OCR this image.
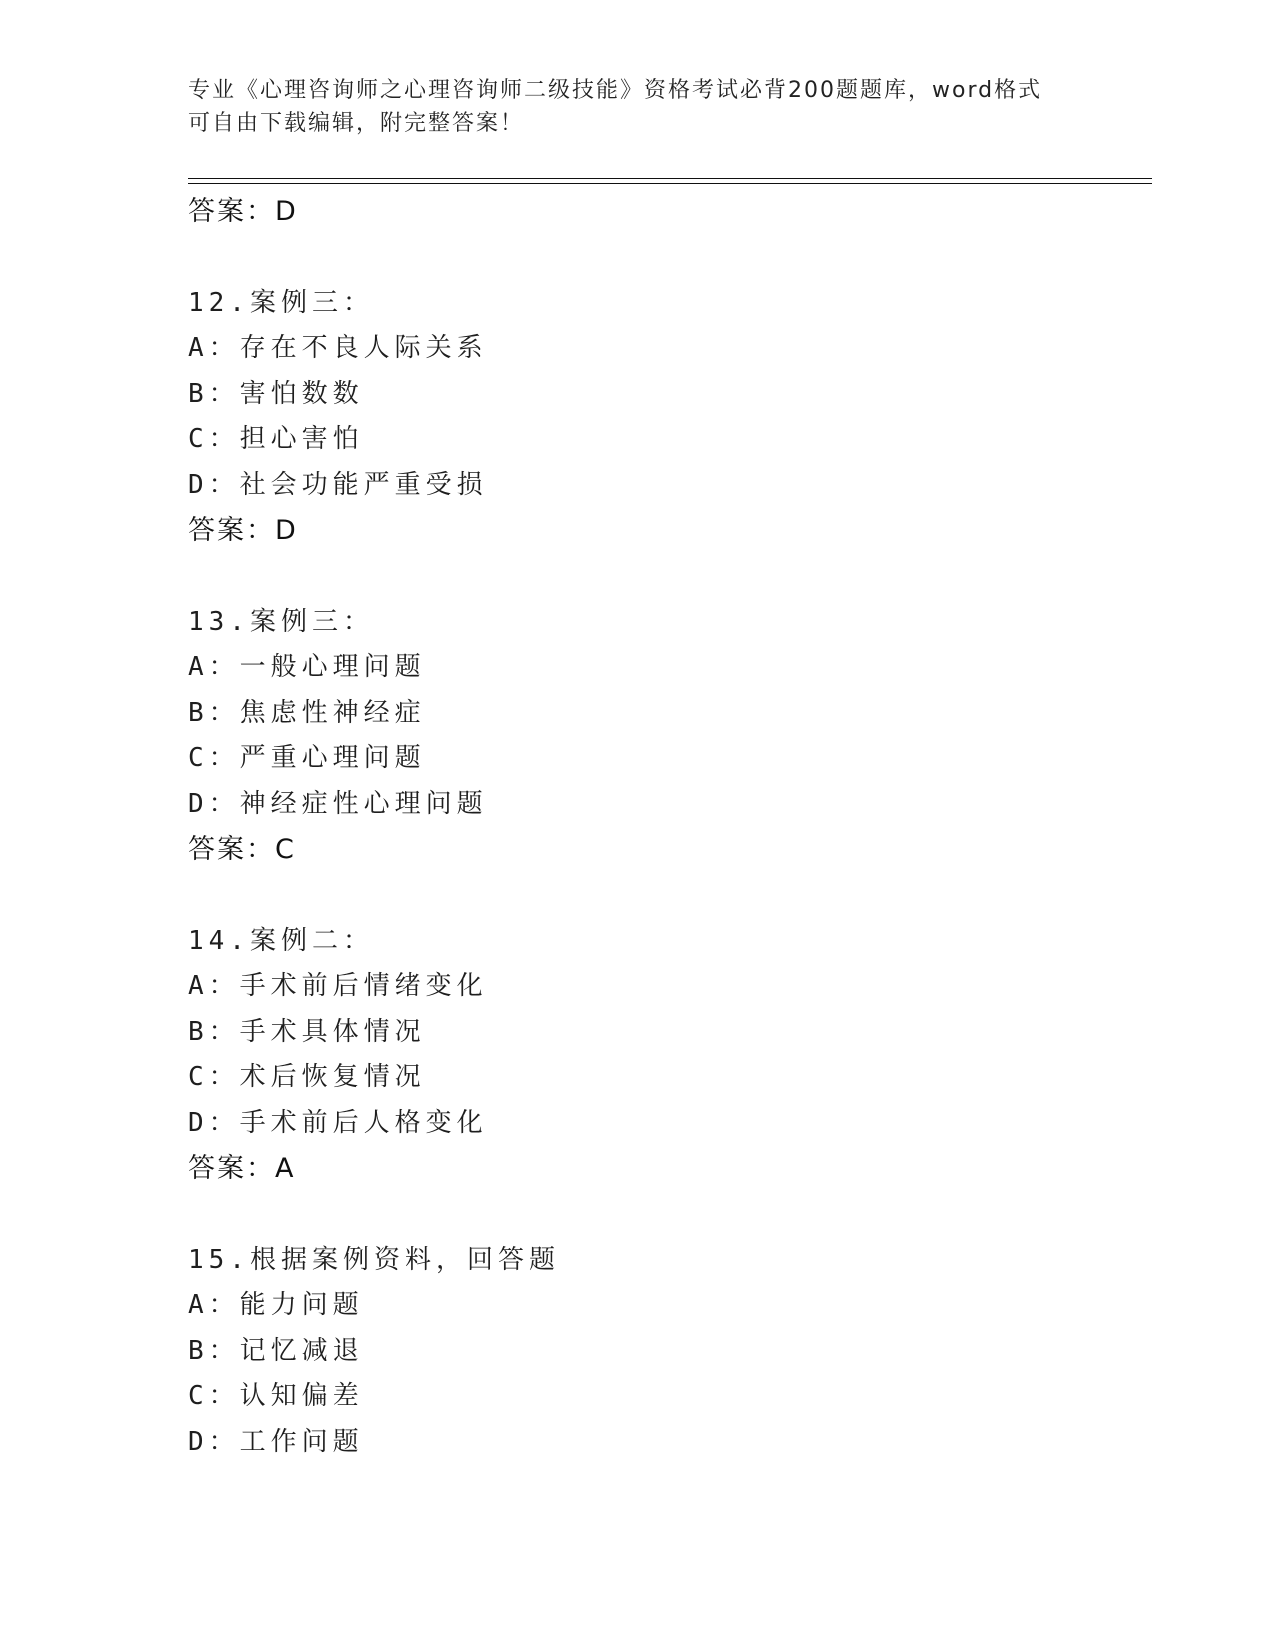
专业《心理咨询师之心理咨询师二级技能》资格考试必背200题题库，word格式
可自由下载编辑，附完整答案！
答案：D
12.案例三：
A：存在不良人际关系
B：害怕数数
C：担心害怕
D：社会功能严重受损
答案：D
13.案例三：
A：一般心理问题
B：焦虑性神经症
C：严重心理问题
D：神经症性心理问题
答案：C
14.案例二：
A：手术前后情绪变化
B：手术具体情况
C：术后恢复情况
D：手术前后人格变化
答案：A
15.根据案例资料，回答题
A：能力问题
B：记忆减退
C：认知偏差
D：工作问题
